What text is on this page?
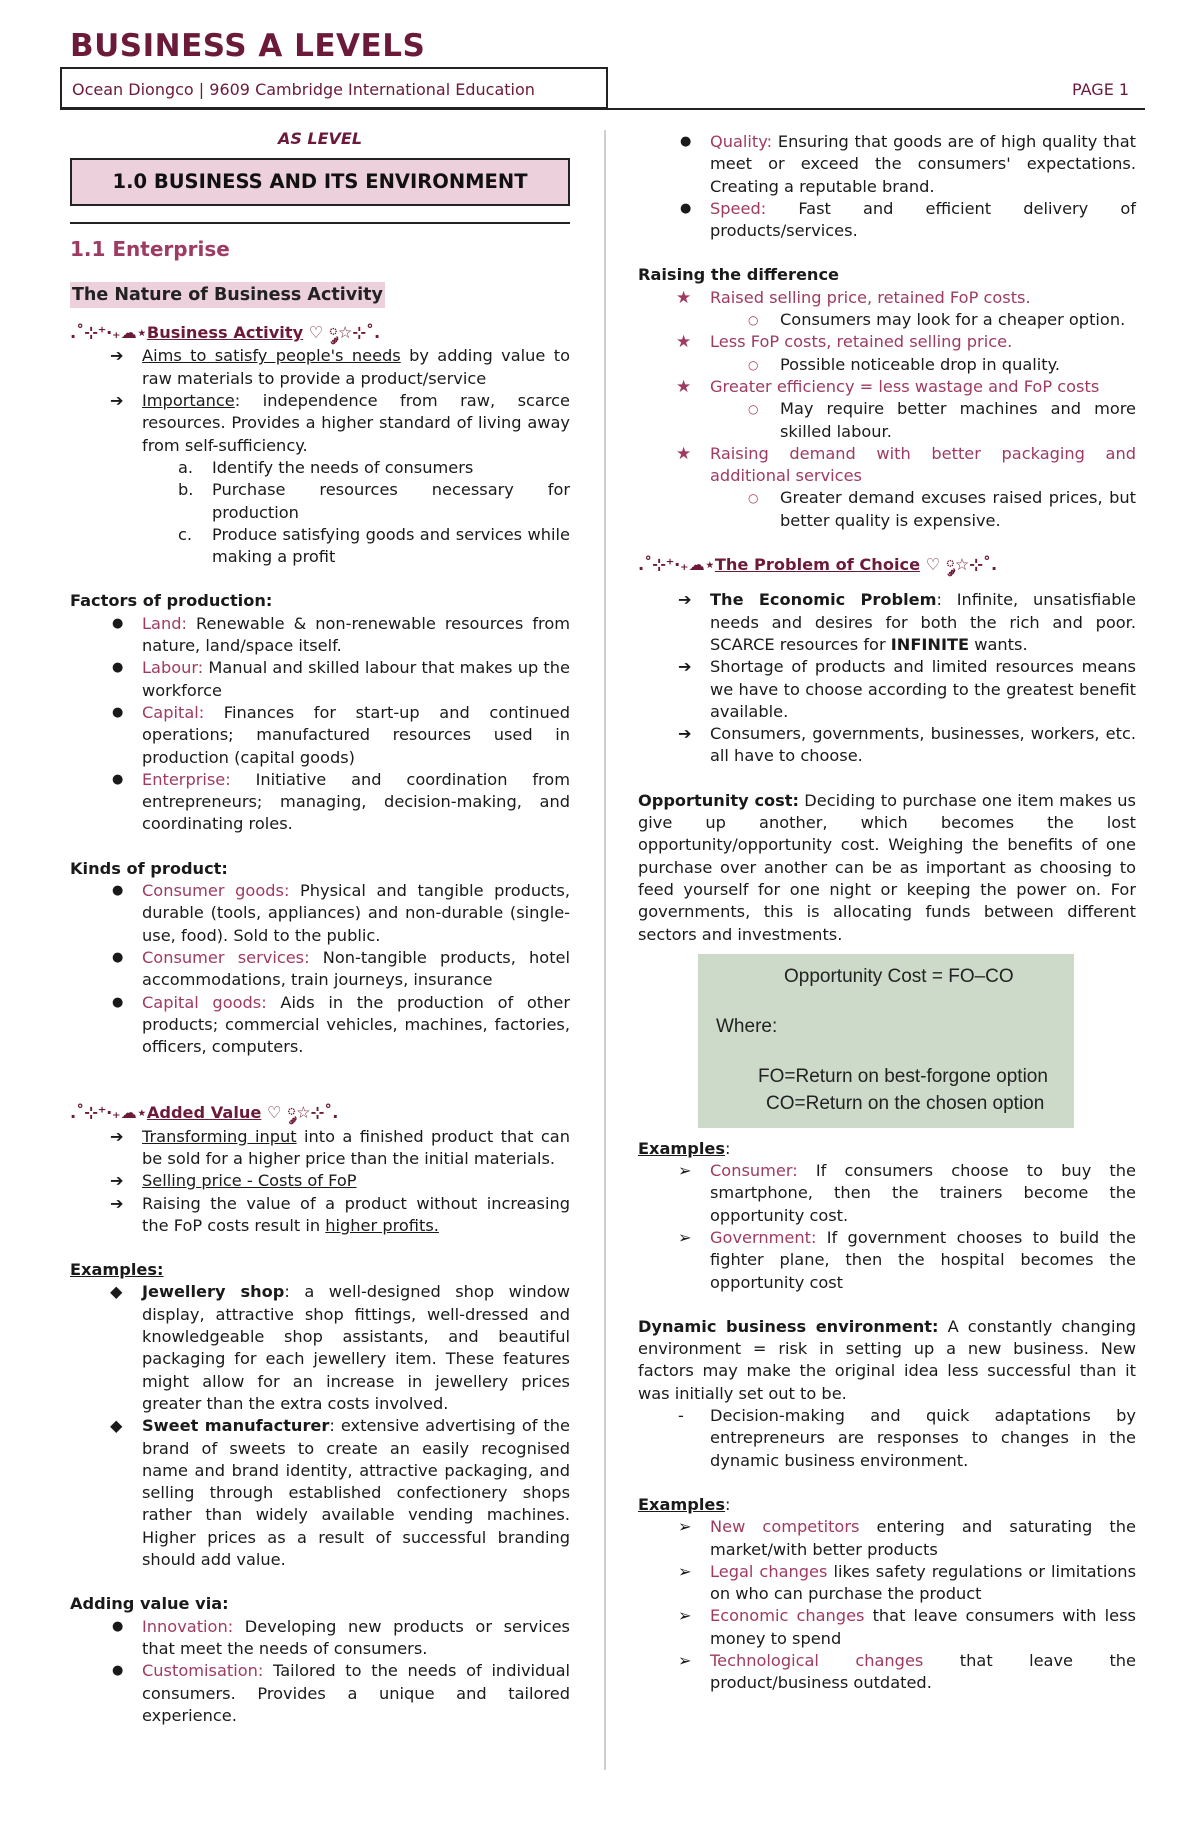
BUSINESS A LEVELS
Ocean Diongco | 9609 Cambridge International Education	PAGE 1
AS LEVEL
1.0 BUSINESS AND ITS ENVIRONMENT
1.1 Enterprise
The Nature of Business Activity
.˚⊹⁺‧₊☁︎⋆Business Activity ♡ ༘☆⊹˚.
➔ Aims to satisfy people's needs by adding value to raw materials to provide a product/service
➔ Importance: independence from raw, scarce resources. Provides a higher standard of living away from self-sufficiency.
a. Identify the needs of consumers
b. Purchase resources necessary for production
c. Produce satisfying goods and services while making a profit
Factors of production:
● Land: Renewable & non-renewable resources from nature, land/space itself.
● Labour: Manual and skilled labour that makes up the workforce
● Capital: Finances for start-up and continued operations; manufactured resources used in production (capital goods)
● Enterprise: Initiative and coordination from entrepreneurs; managing, decision-making, and coordinating roles.
Kinds of product:
● Consumer goods: Physical and tangible products, durable (tools, appliances) and non-durable (single-use, food). Sold to the public.
● Consumer services: Non-tangible products, hotel accommodations, train journeys, insurance
● Capital goods: Aids in the production of other products; commercial vehicles, machines, factories, officers, computers.
.˚⊹⁺‧₊☁︎⋆Added Value ♡ ༘☆⊹˚.
➔ Transforming input into a finished product that can be sold for a higher price than the initial materials.
➔ Selling price - Costs of FoP
➔ Raising the value of a product without increasing the FoP costs result in higher profits.
Examples:
◆ Jewellery shop: a well-designed shop window display, attractive shop fittings, well-dressed and knowledgeable shop assistants, and beautiful packaging for each jewellery item. These features might allow for an increase in jewellery prices greater than the extra costs involved.
◆ Sweet manufacturer: extensive advertising of the brand of sweets to create an easily recognised name and brand identity, attractive packaging, and selling through established confectionery shops rather than widely available vending machines. Higher prices as a result of successful branding should add value.
Adding value via:
● Innovation: Developing new products or services that meet the needs of consumers.
● Customisation: Tailored to the needs of individual consumers. Provides a unique and tailored experience.
● Quality: Ensuring that goods are of high quality that meet or exceed the consumers' expectations. Creating a reputable brand.
● Speed: Fast and efficient delivery of products/services.
Raising the difference
★ Raised selling price, retained FoP costs.
○ Consumers may look for a cheaper option.
★ Less FoP costs, retained selling price.
○ Possible noticeable drop in quality.
★ Greater efficiency = less wastage and FoP costs
○ May require better machines and more skilled labour.
★ Raising demand with better packaging and additional services
○ Greater demand excuses raised prices, but better quality is expensive.
.˚⊹⁺‧₊☁︎⋆The Problem of Choice ♡ ༘☆⊹˚.
➔ The Economic Problem: Infinite, unsatisfiable needs and desires for both the rich and poor. SCARCE resources for INFINITE wants.
➔ Shortage of products and limited resources means we have to choose according to the greatest benefit available.
➔ Consumers, governments, businesses, workers, etc. all have to choose.

Opportunity cost: Deciding to purchase one item makes us give up another, which becomes the lost opportunity/opportunity cost. Weighing the benefits of one purchase over another can be as important as choosing to feed yourself for one night or keeping the power on. For governments, this is allocating funds between different sectors and investments.

Opportunity Cost = FO–CO
Where:
FO=Return on best-forgone option
CO=Return on the chosen option
Examples:
➢ Consumer: If consumers choose to buy the smartphone, then the trainers become the opportunity cost.
➢ Government: If government chooses to build the fighter plane, then the hospital becomes the opportunity cost

Dynamic business environment: A constantly changing environment = risk in setting up a new business. New factors may make the original idea less successful than it was initially set out to be.

- Decision-making and quick adaptations by entrepreneurs are responses to changes in the dynamic business environment.
Examples:
➢ New competitors entering and saturating the market/with better products
➢ Legal changes likes safety regulations or limitations on who can purchase the product
➢ Economic changes that leave consumers with less money to spend
➢ Technological changes that leave the product/business outdated.
